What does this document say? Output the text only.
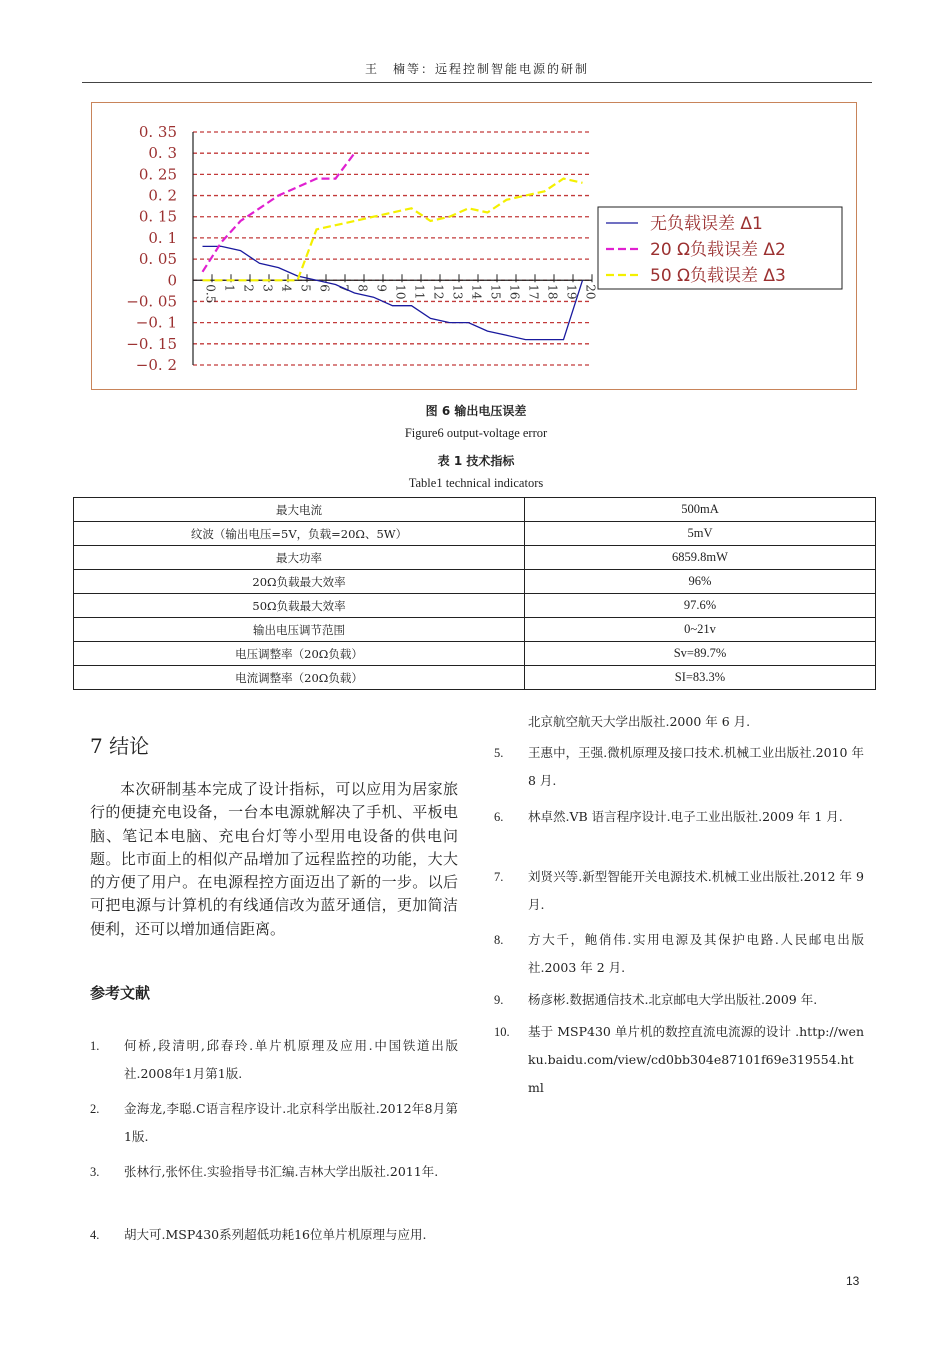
王　楠等：远程控制智能电源的研制
0. 35
0. 3
0. 25
0. 2
0. 15
0. 1
0. 05
0
−0. 05
−0. 1
−0. 15
−0. 2
0.5 1 2 3 4 5 6 7 8 9 10 11 12 13 14 15 16 17 18 19 20
无负载误差 Δ1
20 Ω负载误差 Δ2
50 Ω负载误差 Δ3
图 6 输出电压误差
Figure6 output-voltage error
表 1 技术指标
Table1 technical indicators
最大电流	500mA
纹波（输出电压=5V，负载=20Ω、5W）	5mV
最大功率	6859.8mW
20Ω负载最大效率	96%
50Ω负载最大效率	97.6%
输出电压调节范围	0~21v
电压调整率（20Ω负载）	Sv=89.7%
电流调整率（20Ω负载）	SI=83.3%
7 结论
本次研制基本完成了设计指标，可以应用为居家旅行的便捷充电设备，一台本电源就解决了手机、平板电脑、笔记本电脑、充电台灯等小型用电设备的供电问题。比市面上的相似产品增加了远程监控的功能，大大的方便了用户。在电源程控方面迈出了新的一步。以后可把电源与计算机的有线通信改为蓝牙通信，更加简洁便利，还可以增加通信距离。
参考文献
1. 何桥,段清明,邱春玲.单片机原理及应用.中国铁道出版社.2008年1月第1版.
2. 金海龙,李聪.C语言程序设计.北京科学出版社.2012年8月第1版.
3. 张林行,张怀住.实验指导书汇编.吉林大学出版社.2011年.
4. 胡大可.MSP430系列超低功耗16位单片机原理与应用.
北京航空航天大学出版社.2000 年 6 月.
5. 王惠中，王强.微机原理及接口技术.机械工业出版社.2010 年 8 月.
6. 林卓然.VB 语言程序设计.电子工业出版社.2009 年 1 月.
7. 刘贤兴等.新型智能开关电源技术.机械工业出版社.2012 年 9 月.
8. 方大千，鲍俏伟.实用电源及其保护电路.人民邮电出版社.2003 年 2 月.
9. 杨彦彬.数据通信技术.北京邮电大学出版社.2009 年.
10. 基于 MSP430 单片机的数控直流电流源的设计 .http://wenku.baidu.com/view/cd0bb304e87101f69e319554.html
13
